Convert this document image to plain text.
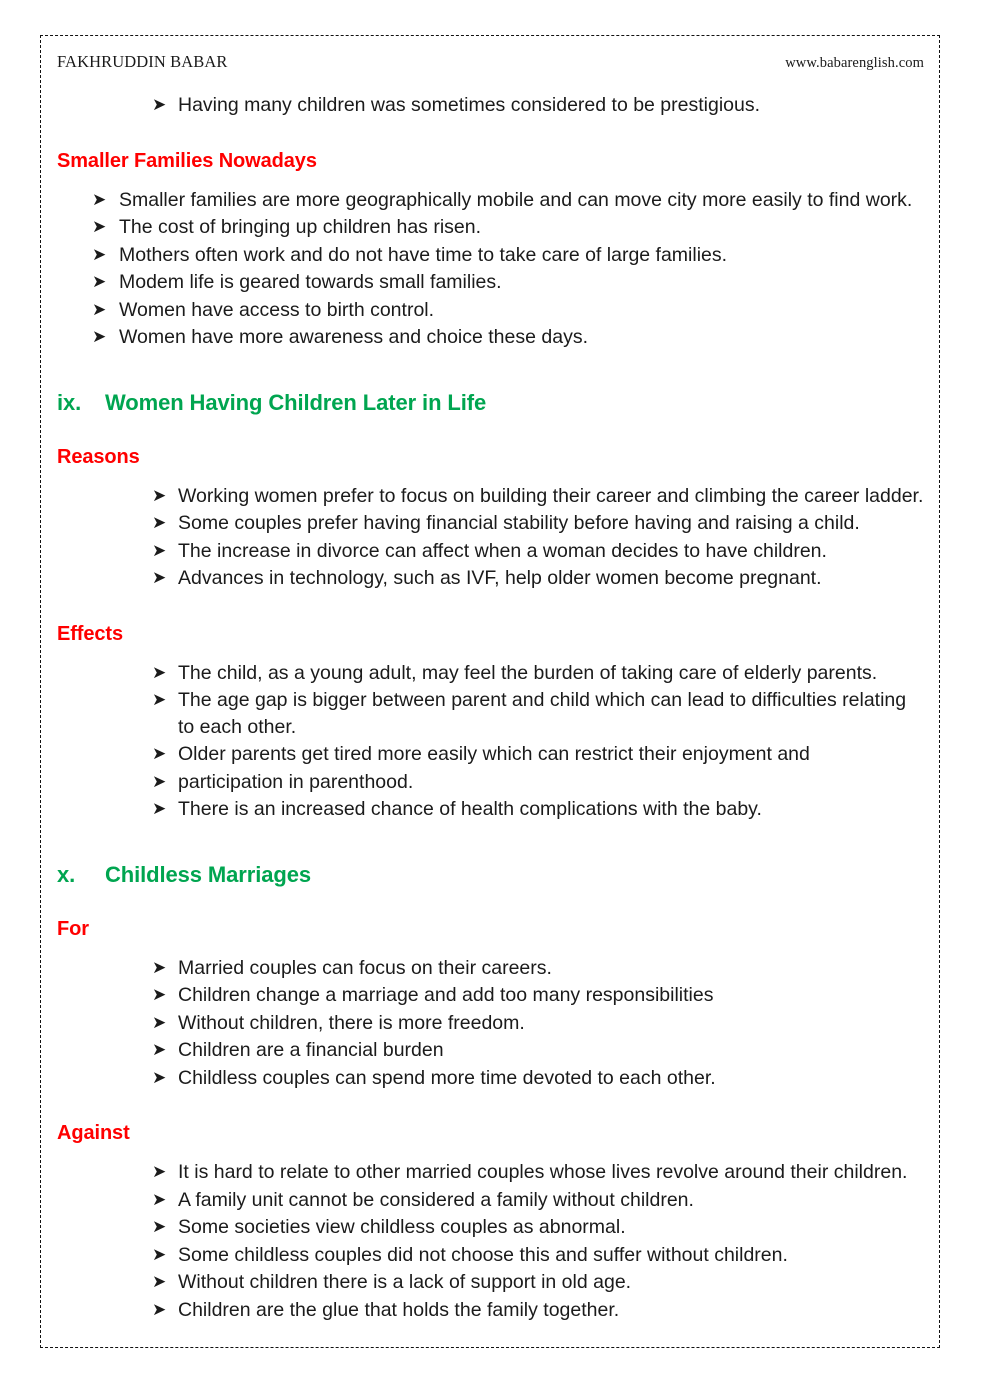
FAKHRUDDIN BABAR	www.babarenglish.com
➤ Having many children was sometimes considered to be prestigious.
Smaller Families Nowadays
➤ Smaller families are more geographically mobile and can move city more easily to find work.
➤ The cost of bringing up children has risen.
➤ Mothers often work and do not have time to take care of large families.
➤ Modem life is geared towards small families.
➤ Women have access to birth control.
➤ Women have more awareness and choice these days.
ix.	Women Having Children Later in Life
Reasons
➤ Working women prefer to focus on building their career and climbing the career ladder.
➤ Some couples prefer having financial stability before having and raising a child.
➤ The increase in divorce can affect when a woman decides to have children.
➤ Advances in technology, such as IVF, help older women become pregnant.
Effects
➤ The child, as a young adult, may feel the burden of taking care of elderly parents.
➤ The age gap is bigger between parent and child which can lead to difficulties relating to each other.
➤ Older parents get tired more easily which can restrict their enjoyment and
➤ participation in parenthood.
➤ There is an increased chance of health complications with the baby.
x.	Childless Marriages
For
➤ Married couples can focus on their careers.
➤ Children change a marriage and add too many responsibilities
➤ Without children, there is more freedom.
➤ Children are a financial burden
➤ Childless couples can spend more time devoted to each other.
Against
➤ It is hard to relate to other married couples whose lives revolve around their children.
➤ A family unit cannot be considered a family without children.
➤ Some societies view childless couples as abnormal.
➤ Some childless couples did not choose this and suffer without children.
➤ Without children there is a lack of support in old age.
➤ Children are the glue that holds the family together.
